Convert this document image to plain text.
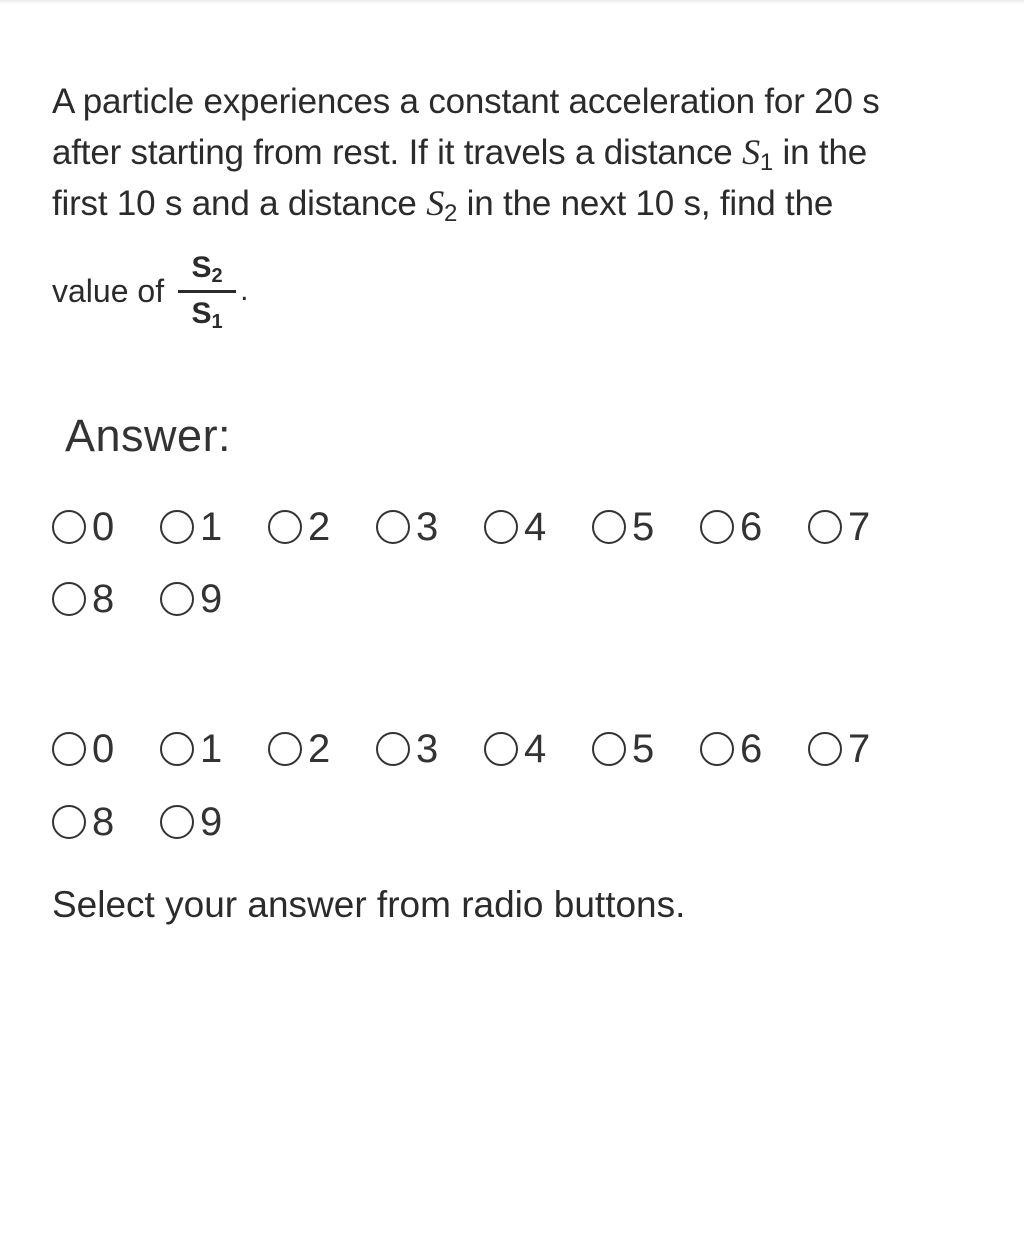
A particle experiences a constant acceleration for 20 s
after starting from rest. If it travels a distance $S_1$ in the
first 10 s and a distance $S_2$ in the next 10 s, find the
value of $\frac{S_2}{S_1}$ .
Answer:
0 1 2 3 4 5 6 7
8 9
0 1 2 3 4 5 6 7
8 9
Select your answer from radio buttons.
